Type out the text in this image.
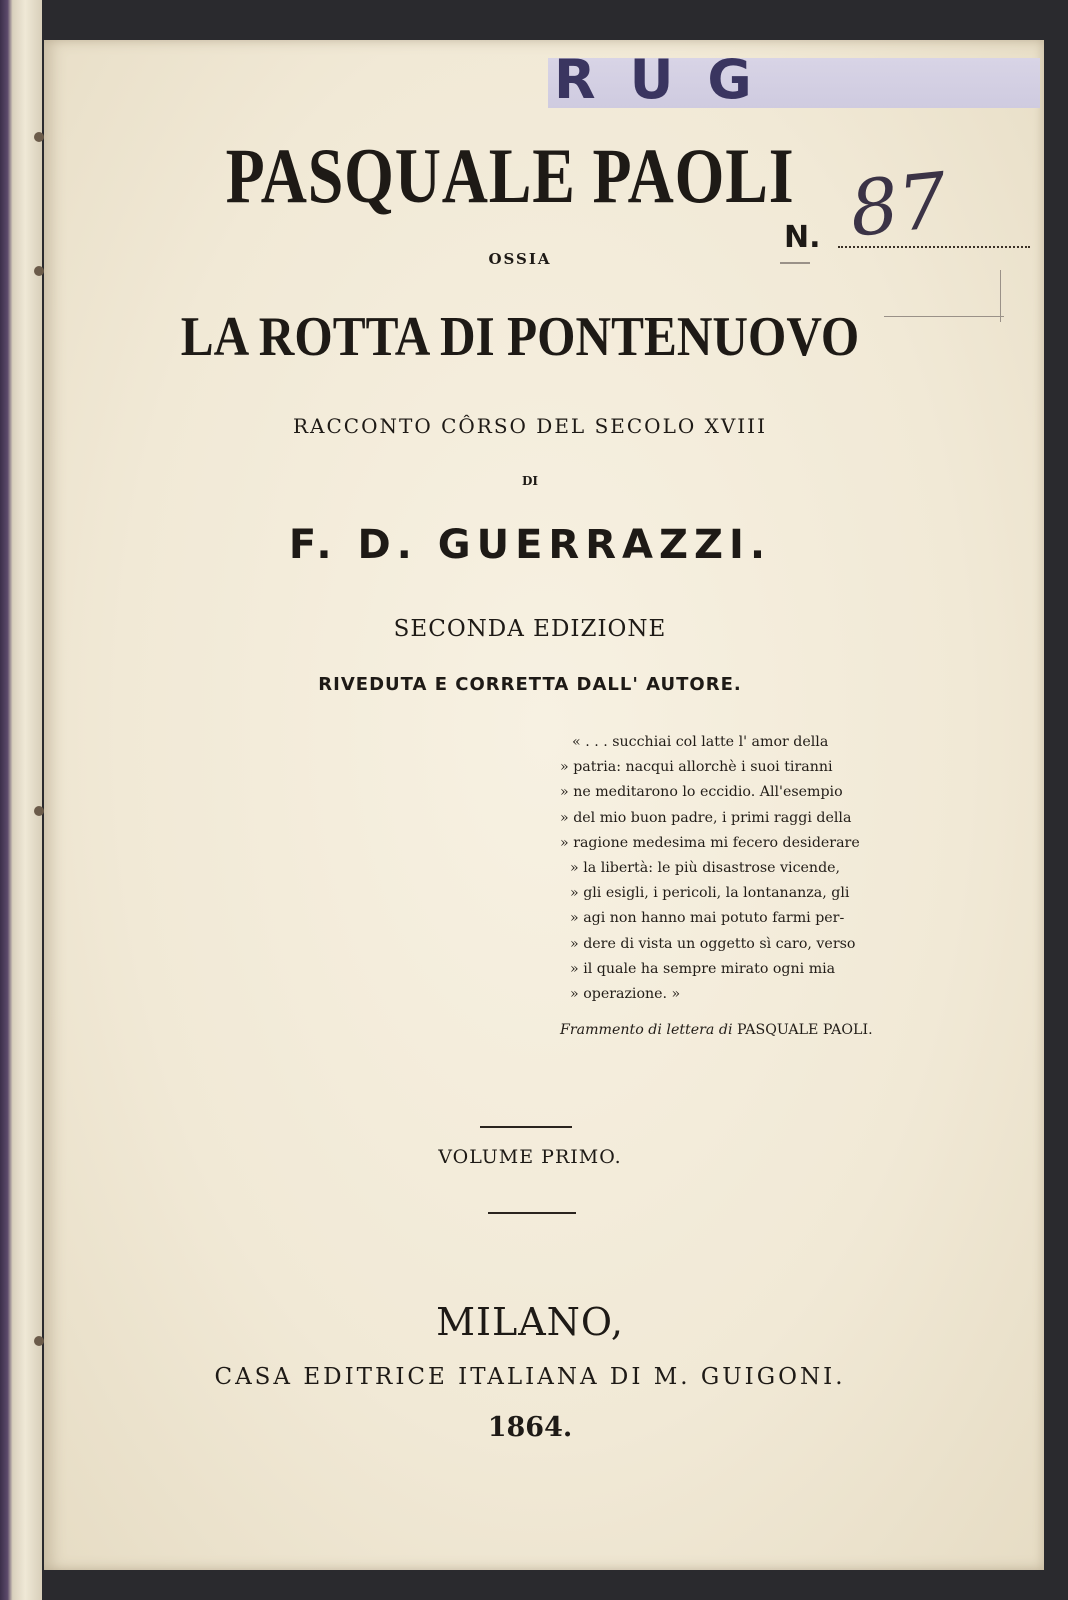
RUG
PASQUALE PAOLI
OSSIA
LA ROTTA DI PONTENUOVO
RACCONTO CÔRSO DEL SECOLO XVIII
DI
F. D. GUERRAZZI.
SECONDA EDIZIONE
RIVEDUTA E CORRETTA DALL' AUTORE.
N. 87
« . . . succhiai col latte l' amor della
» patria: nacqui allorchè i suoi tiranni
» ne meditarono lo eccidio. All'esempio
» del mio buon padre, i primi raggi della
» ragione medesima mi fecero desiderare
» la libertà: le più disastrose vicende,
» gli esigli, i pericoli, la lontananza, gli
» agi non hanno mai potuto farmi per-
» dere di vista un oggetto sì caro, verso
» il quale ha sempre mirato ogni mia
» operazione. »
Frammento di lettera di PASQUALE PAOLI.
VOLUME PRIMO.
MILANO,
CASA EDITRICE ITALIANA DI M. GUIGONI.
1864.
